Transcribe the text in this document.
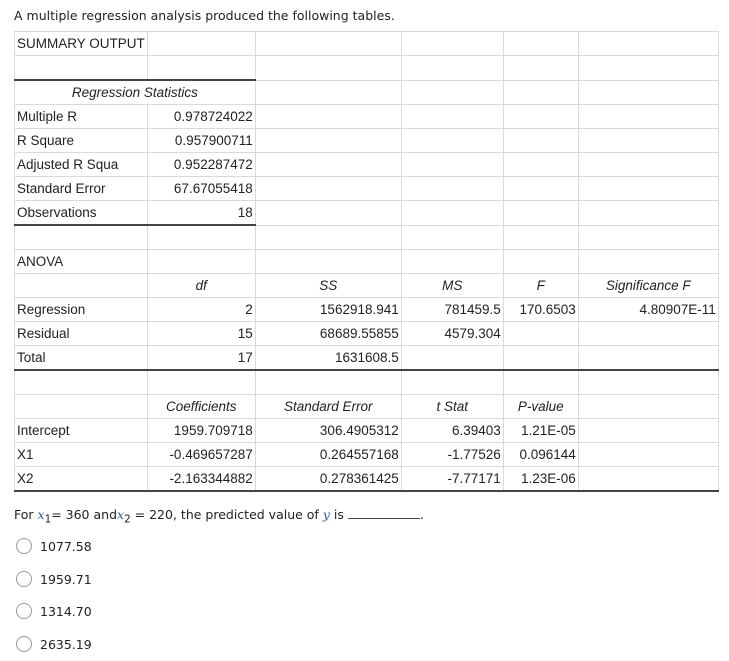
A multiple regression analysis produced the following tables.
SUMMARY OUTPUT					

Regression Statistics					
Multiple R	0.978724022				
R Square	0.957900711				
Adjusted R Squa	0.952287472				
Standard Error	67.67055418				
Observations	18				

ANOVA					
	df	SS	MS	F	Significance F
Regression	2	1562918.941	781459.5	170.6503	4.80907E-11
Residual	15	68689.55855	4579.304		
Total	17	1631608.5			

	Coefficients	Standard Error	t Stat	P-value	
Intercept	1959.709718	306.4905312	6.39403	1.21E-05	
X1	-0.469657287	0.264557168	-1.77526	0.096144	
X2	-2.163344882	0.278361425	-7.77171	1.23E-06	
For $x_1= 360$ andx$_2$ = 220, the predicted value of y is	.
1077.58
1959.71
1314.70
2635.19
